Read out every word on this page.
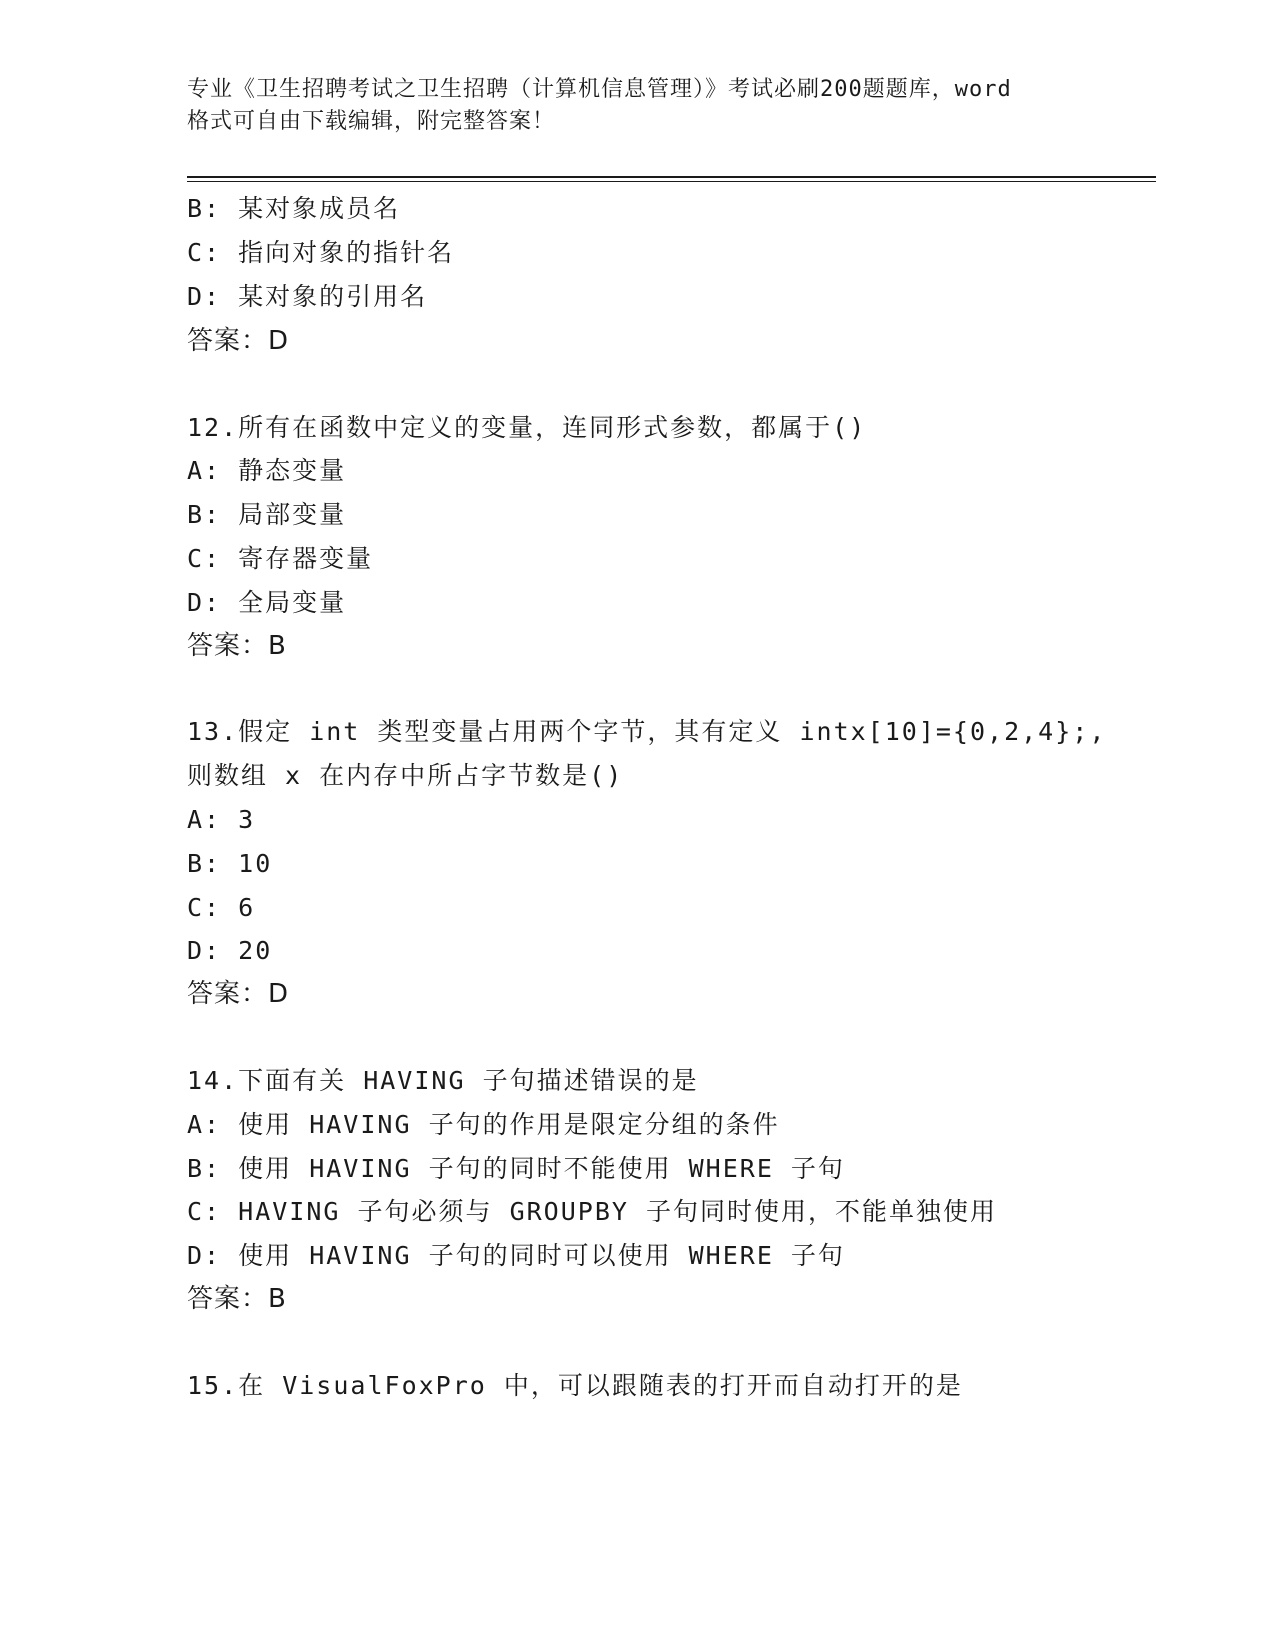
专业《卫生招聘考试之卫生招聘（计算机信息管理）》考试必刷200题题库，word
格式可自由下载编辑，附完整答案！
B: 某对象成员名
C: 指向对象的指针名
D: 某对象的引用名
答案：D
12.所有在函数中定义的变量，连同形式参数，都属于()
A: 静态变量
B: 局部变量
C: 寄存器变量
D: 全局变量
答案：B
13.假定 int 类型变量占用两个字节，其有定义 intx[10]={0,2,4};,
则数组 x 在内存中所占字节数是()
A: 3
B: 10
C: 6
D: 20
答案：D
14.下面有关 HAVING 子句描述错误的是
A: 使用 HAVING 子句的作用是限定分组的条件
B: 使用 HAVING 子句的同时不能使用 WHERE 子句
C: HAVING 子句必须与 GROUPBY 子句同时使用，不能单独使用
D: 使用 HAVING 子句的同时可以使用 WHERE 子句
答案：B
15.在 VisualFoxPro 中，可以跟随表的打开而自动打开的是
